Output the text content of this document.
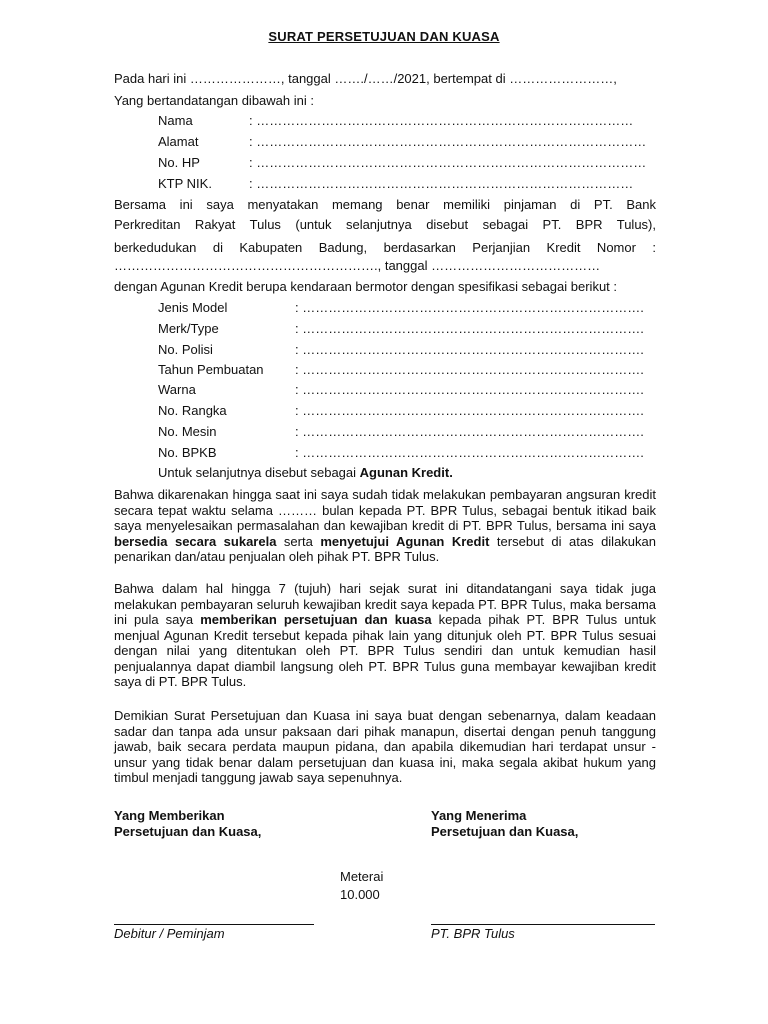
SURAT PERSETUJUAN DAN KUASA
Pada hari ini …………………, tanggal ……./……/2021, bertempat di ……………………,
Yang bertandatangan dibawah ini :
Nama	: ……………………………………………………………………………
Alamat	: ………………………………………………………………………………
No. HP	: ………………………………………………………………………………
KTP NIK.	: ……………………………………………………………………………
Bersama ini saya menyatakan memang benar memiliki pinjaman di PT. Bank
Perkreditan Rakyat Tulus (untuk selanjutnya disebut sebagai PT. BPR Tulus),
berkedudukan di Kabupaten Badung, berdasarkan Perjanjian Kredit Nomor :
……………………………………………………., tanggal …………………………………
dengan Agunan Kredit berupa kendaraan bermotor dengan spesifikasi sebagai berikut :
Jenis Model	: …………………………………………………………………….
Merk/Type	: …………………………………………………………………….
No. Polisi	: …………………………………………………………………….
Tahun Pembuatan : …………………………………………………………………….
Warna	: …………………………………………………………………….
No. Rangka	: …………………………………………………………………….
No. Mesin	: …………………………………………………………………….
No. BPKB	: …………………………………………………………………….
Untuk selanjutnya disebut sebagai Agunan Kredit.
Bahwa dikarenakan hingga saat ini saya sudah tidak melakukan pembayaran angsuran kredit secara tepat waktu selama ……… bulan kepada PT. BPR Tulus, sebagai bentuk itikad baik saya menyelesaikan permasalahan dan kewajiban kredit di PT. BPR Tulus, bersama ini saya bersedia secara sukarela serta menyetujui Agunan Kredit tersebut di atas dilakukan penarikan dan/atau penjualan oleh pihak PT. BPR Tulus.
Bahwa dalam hal hingga 7 (tujuh) hari sejak surat ini ditandatangani saya tidak juga melakukan pembayaran seluruh kewajiban kredit saya kepada PT. BPR Tulus, maka bersama ini pula saya memberikan persetujuan dan kuasa kepada pihak PT. BPR Tulus untuk menjual Agunan Kredit tersebut kepada pihak lain yang ditunjuk oleh PT. BPR Tulus sesuai dengan nilai yang ditentukan oleh PT. BPR Tulus sendiri dan untuk kemudian hasil penjualannya dapat diambil langsung oleh PT. BPR Tulus guna membayar kewajiban kredit saya di PT. BPR Tulus.
Demikian Surat Persetujuan dan Kuasa ini saya buat dengan sebenarnya, dalam keadaan sadar dan tanpa ada unsur paksaan dari pihak manapun, disertai dengan penuh tanggung jawab, baik secara perdata maupun pidana, dan apabila dikemudian hari terdapat unsur - unsur yang tidak benar dalam persetujuan dan kuasa ini, maka segala akibat hukum yang timbul menjadi tanggung jawab saya sepenuhnya.
Yang Memberikan
Persetujuan dan Kuasa,
Yang Menerima
Persetujuan dan Kuasa,
Meterai
10.000
Debitur / Peminjam	PT. BPR Tulus
